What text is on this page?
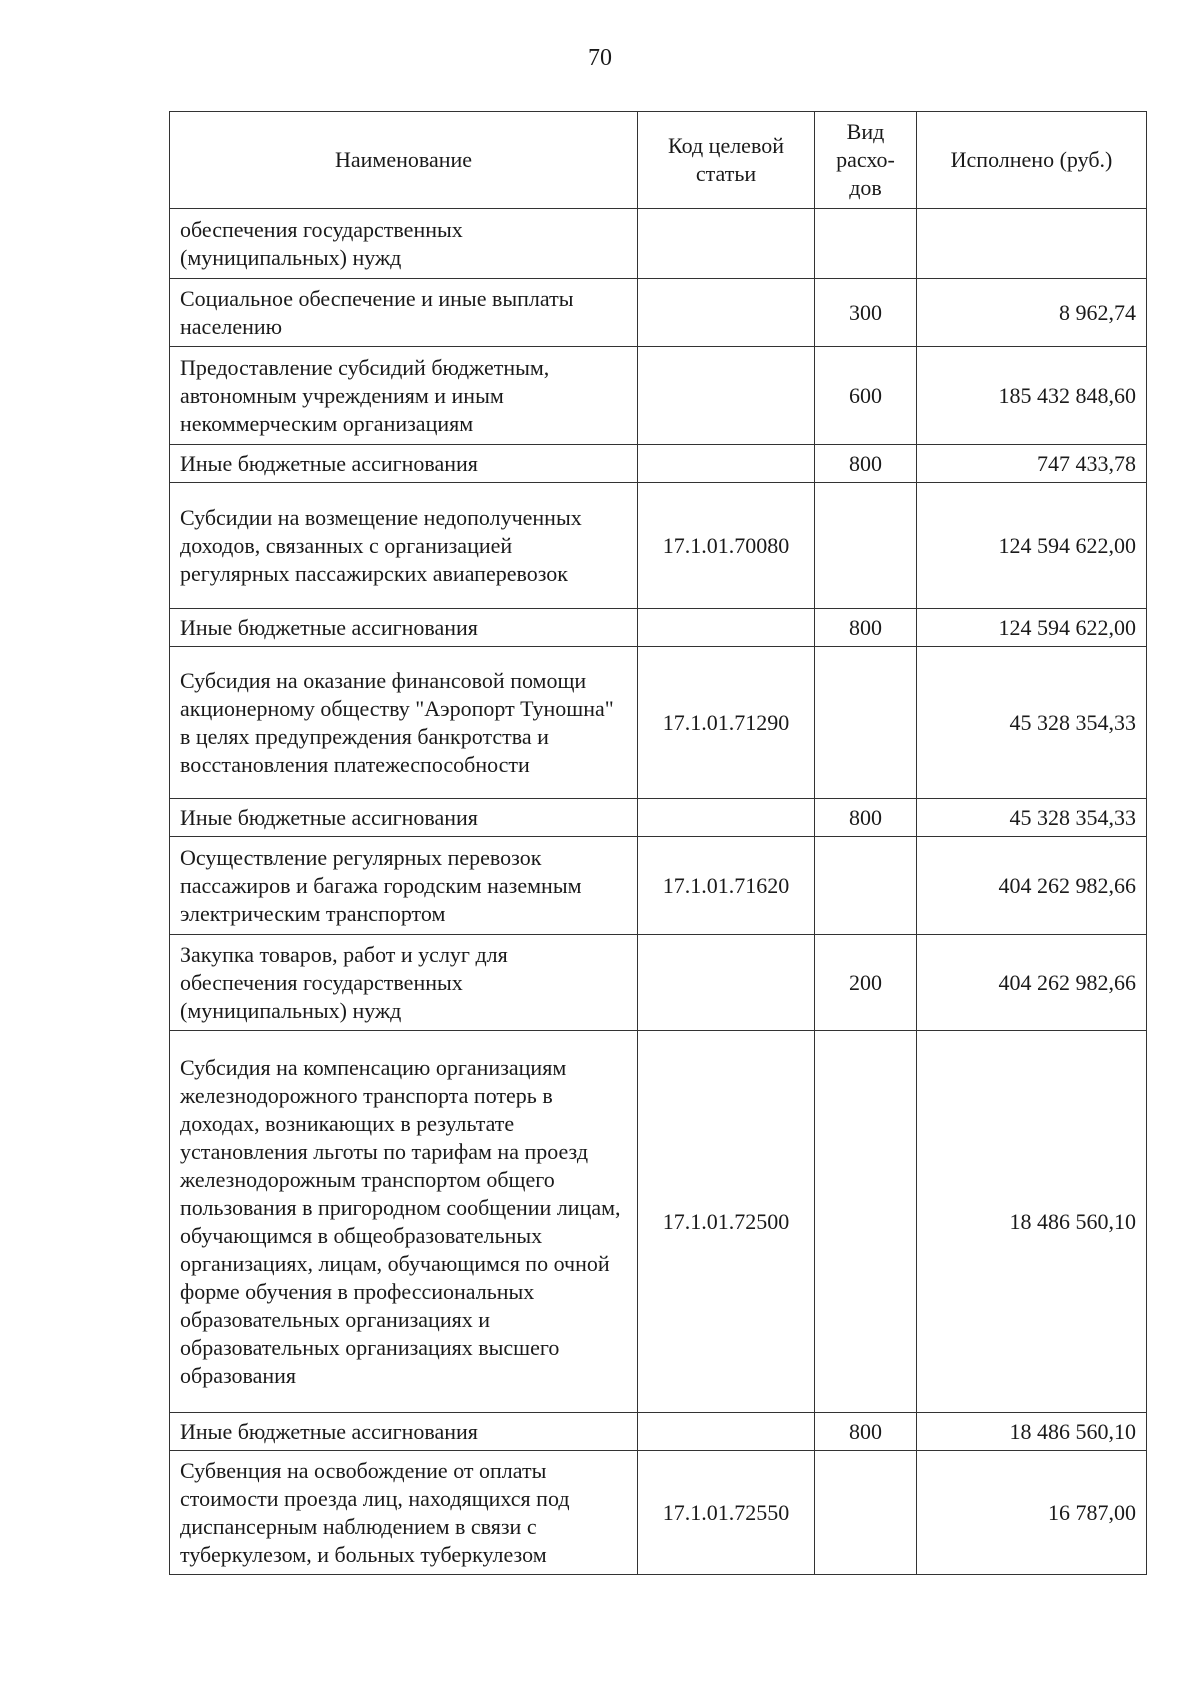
70
Наименование	Код целевой статьи	Вид расхо-дов	Исполнено (руб.)
обеспечения государственных (муниципальных) нужд			
Социальное обеспечение и иные выплаты населению		300	8 962,74
Предоставление субсидий бюджетным, автономным учреждениям и иным некоммерческим организациям		600	185 432 848,60
Иные бюджетные ассигнования		800	747 433,78
Субсидии на возмещение недополученных доходов, связанных с организацией регулярных пассажирских авиаперевозок	17.1.01.70080		124 594 622,00
Иные бюджетные ассигнования		800	124 594 622,00
Субсидия на оказание финансовой помощи акционерному обществу "Аэропорт Туношна" в целях предупреждения банкротства и восстановления платежеспособности	17.1.01.71290		45 328 354,33
Иные бюджетные ассигнования		800	45 328 354,33
Осуществление регулярных перевозок пассажиров и багажа городским наземным электрическим транспортом	17.1.01.71620		404 262 982,66
Закупка товаров, работ и услуг для обеспечения государственных (муниципальных) нужд		200	404 262 982,66
Субсидия на компенсацию организациям железнодорожного транспорта потерь в доходах, возникающих в результате установления льготы по тарифам на проезд железнодорожным транспортом общего пользования в пригородном сообщении лицам, обучающимся в общеобразовательных организациях, лицам, обучающимся по очной форме обучения в профессиональных образовательных организациях и образовательных организациях высшего образования	17.1.01.72500		18 486 560,10
Иные бюджетные ассигнования		800	18 486 560,10
Субвенция на освобождение от оплаты стоимости проезда лиц, находящихся под диспансерным наблюдением в связи с туберкулезом, и больных туберкулезом	17.1.01.72550		16 787,00
